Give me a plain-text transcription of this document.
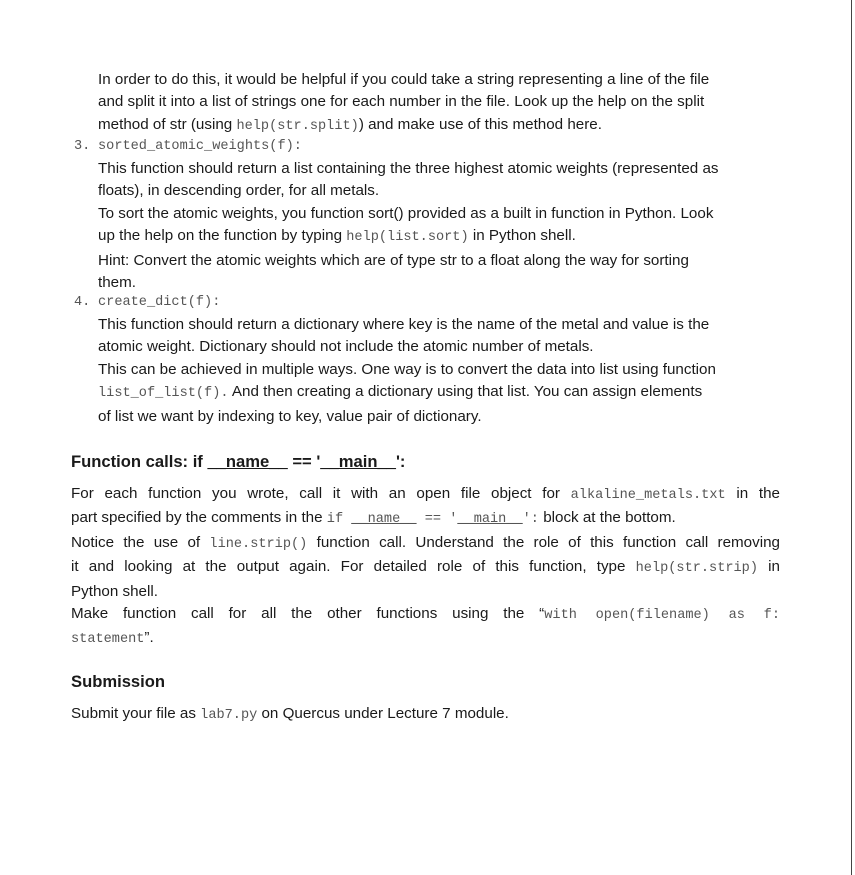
In order to do this, it would be helpful if you could take a string representing a line of the file

and split it into a list of strings one for each number in the file. Look up the help on the split

method of str (using help(str.split)) and make use of this method here.

3. sorted_atomic_weights(f):

This function should return a list containing the three highest atomic weights (represented as

floats), in descending order, for all metals.

To sort the atomic weights, you function sort() provided as a built in function in Python. Look

up the help on the function by typing help(list.sort) in Python shell.

Hint: Convert the atomic weights which are of type str to a float along the way for sorting

them.

4. create_dict(f):

This function should return a dictionary where key is the name of the metal and value is the

atomic weight. Dictionary should not include the atomic number of metals.

This can be achieved in multiple ways. One way is to convert the data into list using function

list_of_list(f). And then creating a dictionary using that list. You can assign elements

of list we want by indexing to key, value pair of dictionary.

Function calls: if __name__ == '__main__':

For each function you wrote, call it with an open file object for alkaline_metals.txt in the

part specified by the comments in the if __name__ == '__main__': block at the bottom.

Notice the use of line.strip() function call. Understand the role of this function call removing

it and looking at the output again. For detailed role of this function, type help(str.strip) in

Python shell.

Make function call for all the other functions using the “with open(filename) as f:

statement”.

Submission
Submit your file as lab7.py on Quercus under Lecture 7 module.
